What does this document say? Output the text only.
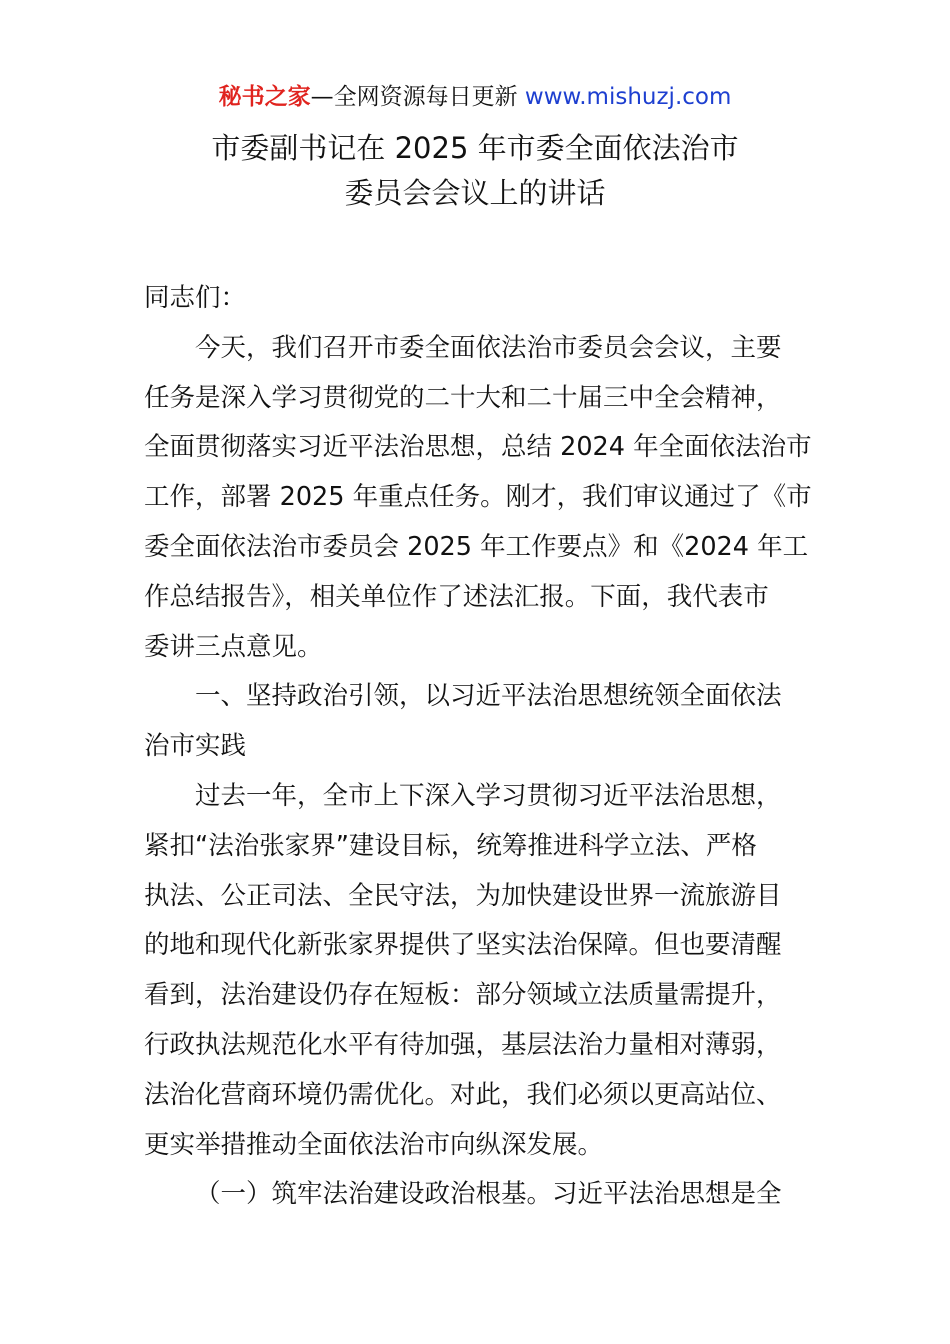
秘书之家—全网资源每日更新 www.mishuzj.com
市委副书记在 2025 年市委全面依法治市
委员会会议上的讲话
同志们：
今天，我们召开市委全面依法治市委员会会议，主要
任务是深入学习贯彻党的二十大和二十届三中全会精神，
全面贯彻落实习近平法治思想，总结 2024 年全面依法治市
工作，部署 2025 年重点任务。刚才，我们审议通过了《市
委全面依法治市委员会 2025 年工作要点》和《2024 年工
作总结报告》，相关单位作了述法汇报。下面，我代表市
委讲三点意见。
一、坚持政治引领，以习近平法治思想统领全面依法
治市实践
过去一年，全市上下深入学习贯彻习近平法治思想，
紧扣“法治张家界”建设目标，统筹推进科学立法、严格
执法、公正司法、全民守法，为加快建设世界一流旅游目
的地和现代化新张家界提供了坚实法治保障。但也要清醒
看到，法治建设仍存在短板：部分领域立法质量需提升，
行政执法规范化水平有待加强，基层法治力量相对薄弱，
法治化营商环境仍需优化。对此，我们必须以更高站位、
更实举措推动全面依法治市向纵深发展。
（一）筑牢法治建设政治根基。习近平法治思想是全
